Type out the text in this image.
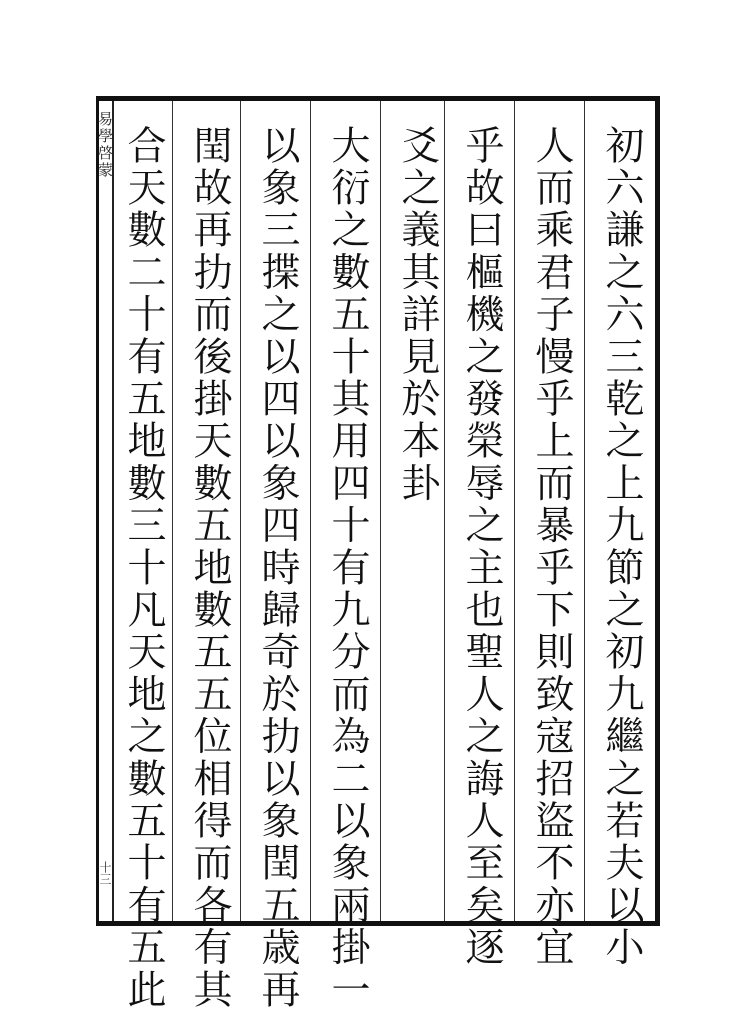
易學啓蒙
十三	初六謙之六三乾之上九節之初九繼之若夫以小
人而乘君子慢乎上而暴乎下則致寇招盜不亦宜
乎故曰樞機之發榮辱之主也聖人之誨人至矣逐
爻之義其詳見於本卦
大衍之數五十其用四十有九分而為二以象兩掛一
以象三揲之以四以象四時歸奇於扐以象閏五歳再
閏故再扐而後掛天數五地數五五位相得而各有其
合天數二十有五地數三十凡天地之數五十有五此
